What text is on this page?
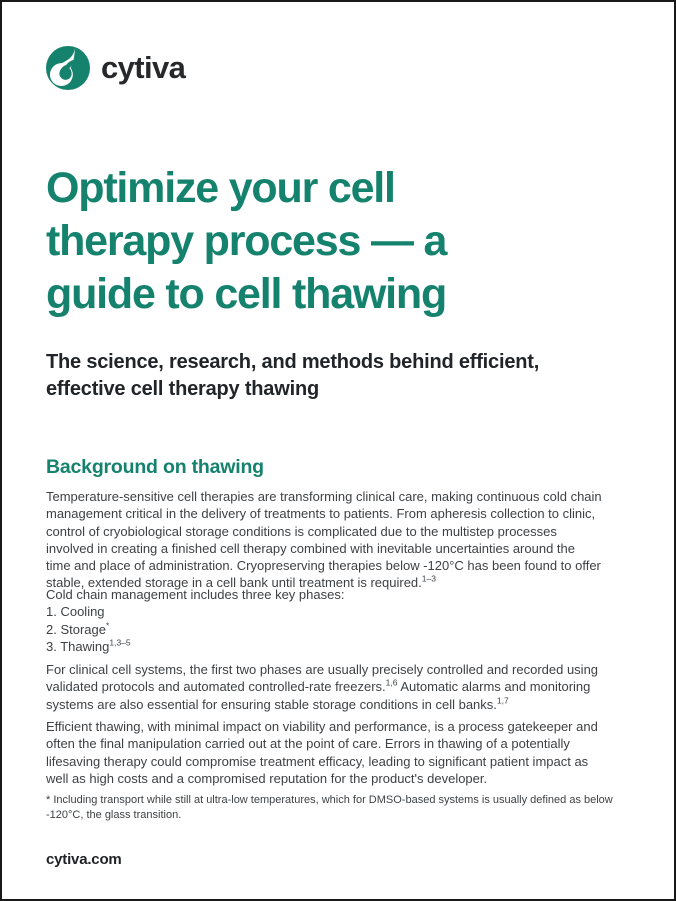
cytiva
Optimize your cell
therapy process — a
guide to cell thawing
The science, research, and methods behind efficient,
effective cell therapy thawing
Background on thawing

Temperature-sensitive cell therapies are transforming clinical care, making continuous cold chain management critical in the delivery of treatments to patients. From apheresis collection to clinic, control of cryobiological storage conditions is complicated due to the multistep processes involved in creating a finished cell therapy combined with inevitable uncertainties around the time and place of administration. Cryopreserving therapies below -120°C has been found to offer stable, extended storage in a cell bank until treatment is required.$^{1-3}$

Cold chain management includes three key phases:
1. Cooling
2. Storage*
3. Thawing$^{1,3-5}$

For clinical cell systems, the first two phases are usually precisely controlled and recorded using validated protocols and automated controlled-rate freezers.$^{1,6}$ Automatic alarms and monitoring systems are also essential for ensuring stable storage conditions in cell banks.$^{1,7}$

Efficient thawing, with minimal impact on viability and performance, is a process gatekeeper and often the final manipulation carried out at the point of care. Errors in thawing of a potentially lifesaving therapy could compromise treatment efficacy, leading to significant patient impact as well as high costs and a compromised reputation for the product's developer.

* Including transport while still at ultra-low temperatures, which for DMSO-based systems is usually defined as below -120°C, the glass transition.

cytiva.com
